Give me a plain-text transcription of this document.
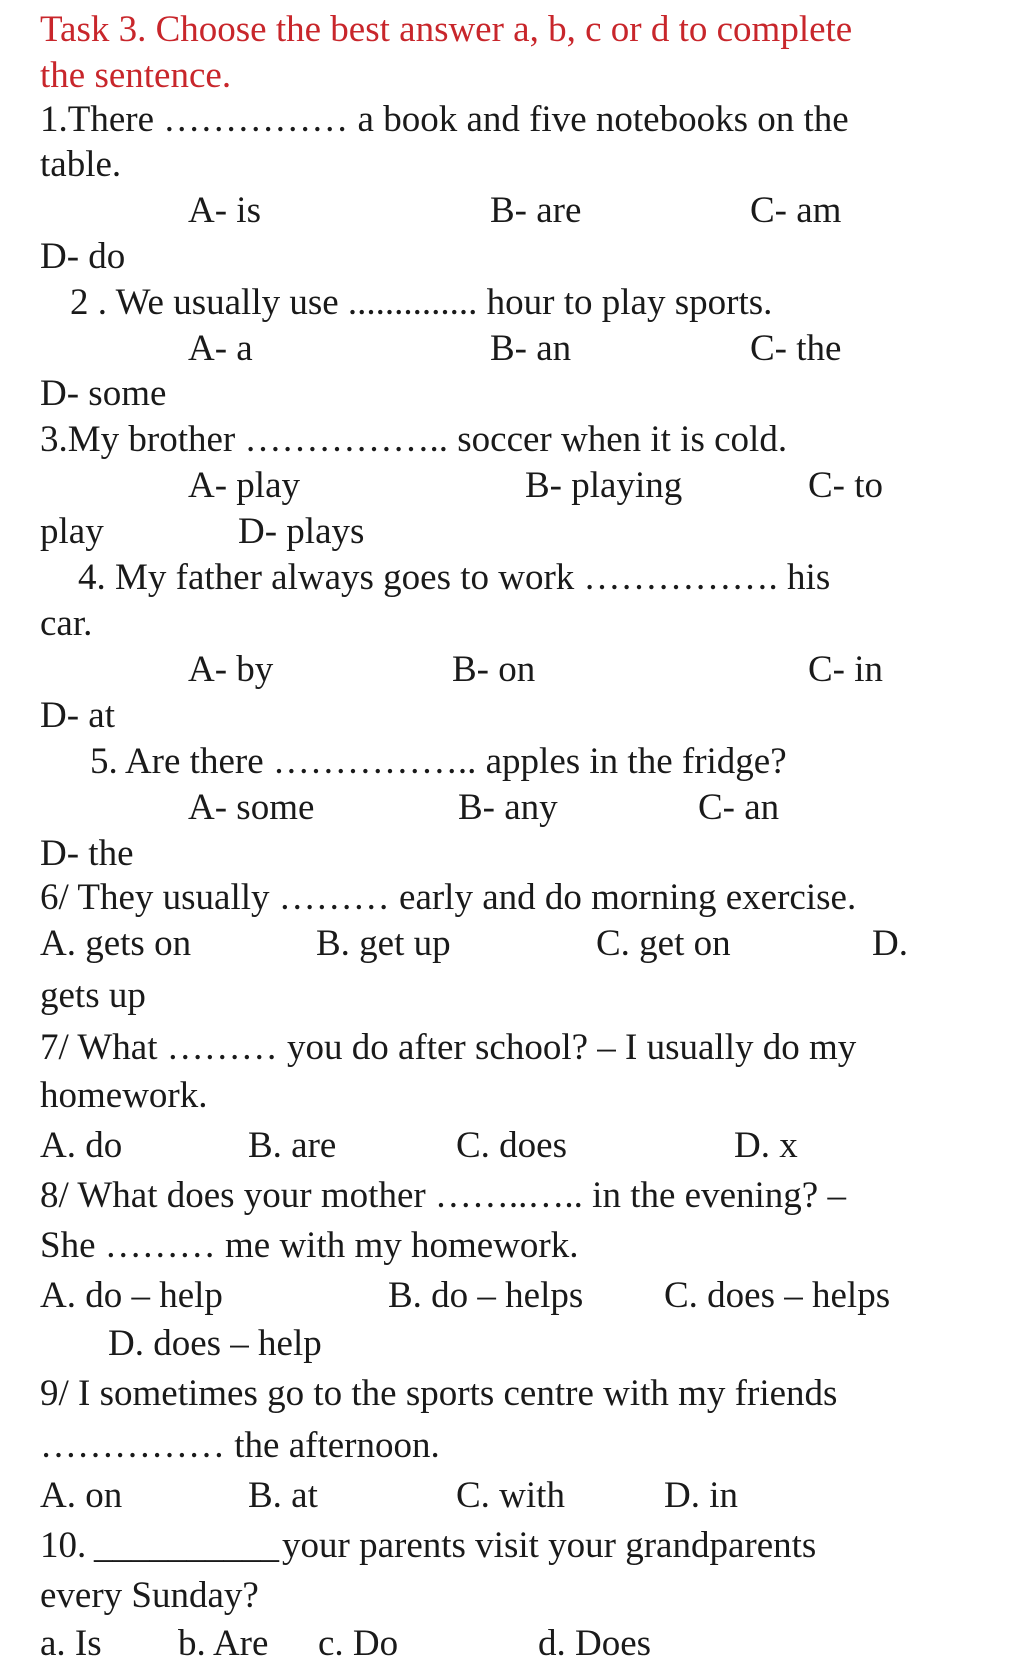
Task 3. Choose the best answer a, b, c or d to complete
the sentence.
1.There …………… a book and five notebooks on the
table.
A- is	B- are	C- am
D- do
2 . We usually use .............. hour to play sports.
A- a	B- an	C- the
D- some
3.My brother …………….. soccer when it is cold.
A- play	B- playing	C- to
play	D- plays
4. My father always goes to work ……………. his
car.
A- by	B- on	C- in
D- at
5. Are there …………….. apples in the fridge?
A- some	B- any	C- an
D- the
6/ They usually ……… early and do morning exercise.
A. gets on	B. get up	C. get on	D.
gets up
7/ What ……… you do after school? – I usually do my
homework.
A. do	B. are	C. does	D. x
8/ What does your mother ……..….. in the evening? –
She ……… me with my homework.
A. do – help	B. do – helps C. does – helps
D. does – help
9/ I sometimes go to the sports centre with my friends
…………… the afternoon.
A. on	B. at	C. with	D. in
10. __________ your parents visit your grandparents
every Sunday?
a. Is b. Are c. Do	d. Does
